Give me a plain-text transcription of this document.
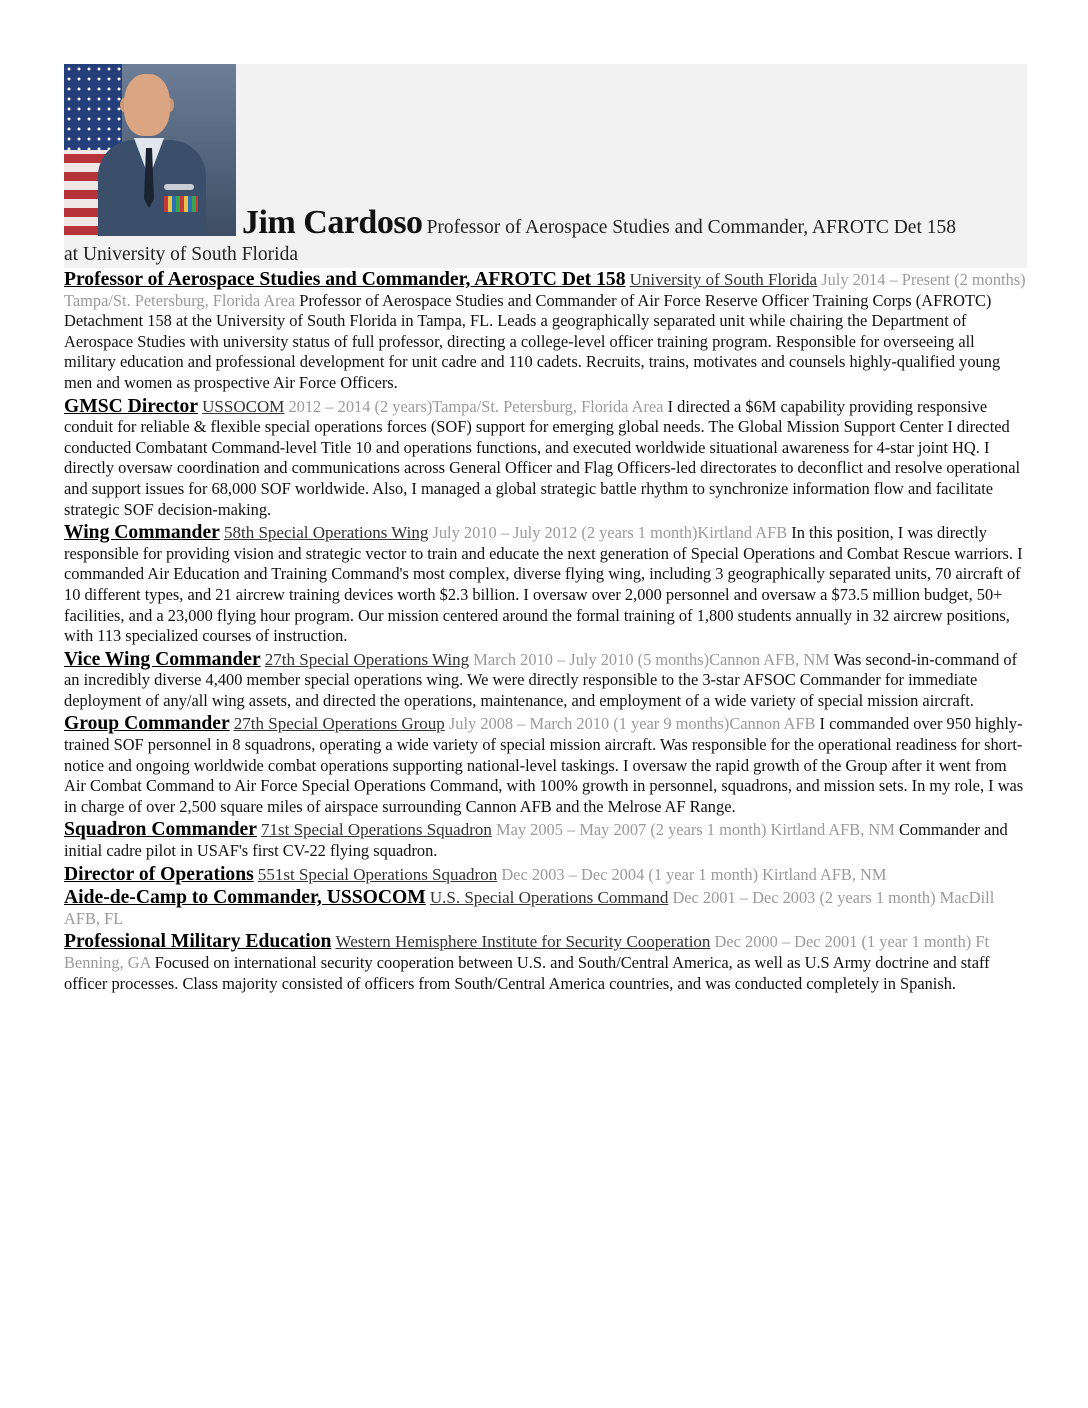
Jim Cardoso Professor of Aerospace Studies and Commander, AFROTC Det 158
at University of South Florida
Professor of Aerospace Studies and Commander, AFROTC Det 158 University of South Florida July 2014 – Present (2 months) Tampa/St. Petersburg, Florida Area Professor of Aerospace Studies and Commander of Air Force Reserve Officer Training Corps (AFROTC) Detachment 158 at the University of South Florida in Tampa, FL. Leads a geographically separated unit while chairing the Department of Aerospace Studies with university status of full professor, directing a college-level officer training program. Responsible for overseeing all military education and professional development for unit cadre and 110 cadets. Recruits, trains, motivates and counsels highly-qualified young men and women as prospective Air Force Officers.
GMSC Director USSOCOM 2012 – 2014 (2 years)Tampa/St. Petersburg, Florida Area I directed a $6M capability providing responsive conduit for reliable & flexible special operations forces (SOF) support for emerging global needs. The Global Mission Support Center I directed conducted Combatant Command-level Title 10 and operations functions, and executed worldwide situational awareness for 4-star joint HQ. I directly oversaw coordination and communications across General Officer and Flag Officers-led directorates to deconflict and resolve operational and support issues for 68,000 SOF worldwide. Also, I managed a global strategic battle rhythm to synchronize information flow and facilitate strategic SOF decision-making.
Wing Commander 58th Special Operations Wing July 2010 – July 2012 (2 years 1 month)Kirtland AFB In this position, I was directly responsible for providing vision and strategic vector to train and educate the next generation of Special Operations and Combat Rescue warriors. I commanded Air Education and Training Command's most complex, diverse flying wing, including 3 geographically separated units, 70 aircraft of 10 different types, and 21 aircrew training devices worth $2.3 billion. I oversaw over 2,000 personnel and oversaw a $73.5 million budget, 50+ facilities, and a 23,000 flying hour program. Our mission centered around the formal training of 1,800 students annually in 32 aircrew positions, with 113 specialized courses of instruction.
Vice Wing Commander 27th Special Operations Wing March 2010 – July 2010 (5 months)Cannon AFB, NM Was second-in-command of an incredibly diverse 4,400 member special operations wing. We were directly responsible to the 3-star AFSOC Commander for immediate deployment of any/all wing assets, and directed the operations, maintenance, and employment of a wide variety of special mission aircraft.
Group Commander 27th Special Operations Group July 2008 – March 2010 (1 year 9 months)Cannon AFB I commanded over 950 highly-trained SOF personnel in 8 squadrons, operating a wide variety of special mission aircraft. Was responsible for the operational readiness for short-notice and ongoing worldwide combat operations supporting national-level taskings. I oversaw the rapid growth of the Group after it went from Air Combat Command to Air Force Special Operations Command, with 100% growth in personnel, squadrons, and mission sets. In my role, I was in charge of over 2,500 square miles of airspace surrounding Cannon AFB and the Melrose AF Range.
Squadron Commander 71st Special Operations Squadron May 2005 – May 2007 (2 years 1 month) Kirtland AFB, NM Commander and initial cadre pilot in USAF's first CV-22 flying squadron.
Director of Operations 551st Special Operations Squadron Dec 2003 – Dec 2004 (1 year 1 month) Kirtland AFB, NM
Aide-de-Camp to Commander, USSOCOM U.S. Special Operations Command Dec 2001 – Dec 2003 (2 years 1 month) MacDill AFB, FL
Professional Military Education Western Hemisphere Institute for Security Cooperation Dec 2000 – Dec 2001 (1 year 1 month) Ft Benning, GA Focused on international security cooperation between U.S. and South/Central America, as well as U.S Army doctrine and staff officer processes. Class majority consisted of officers from South/Central America countries, and was conducted completely in Spanish.
